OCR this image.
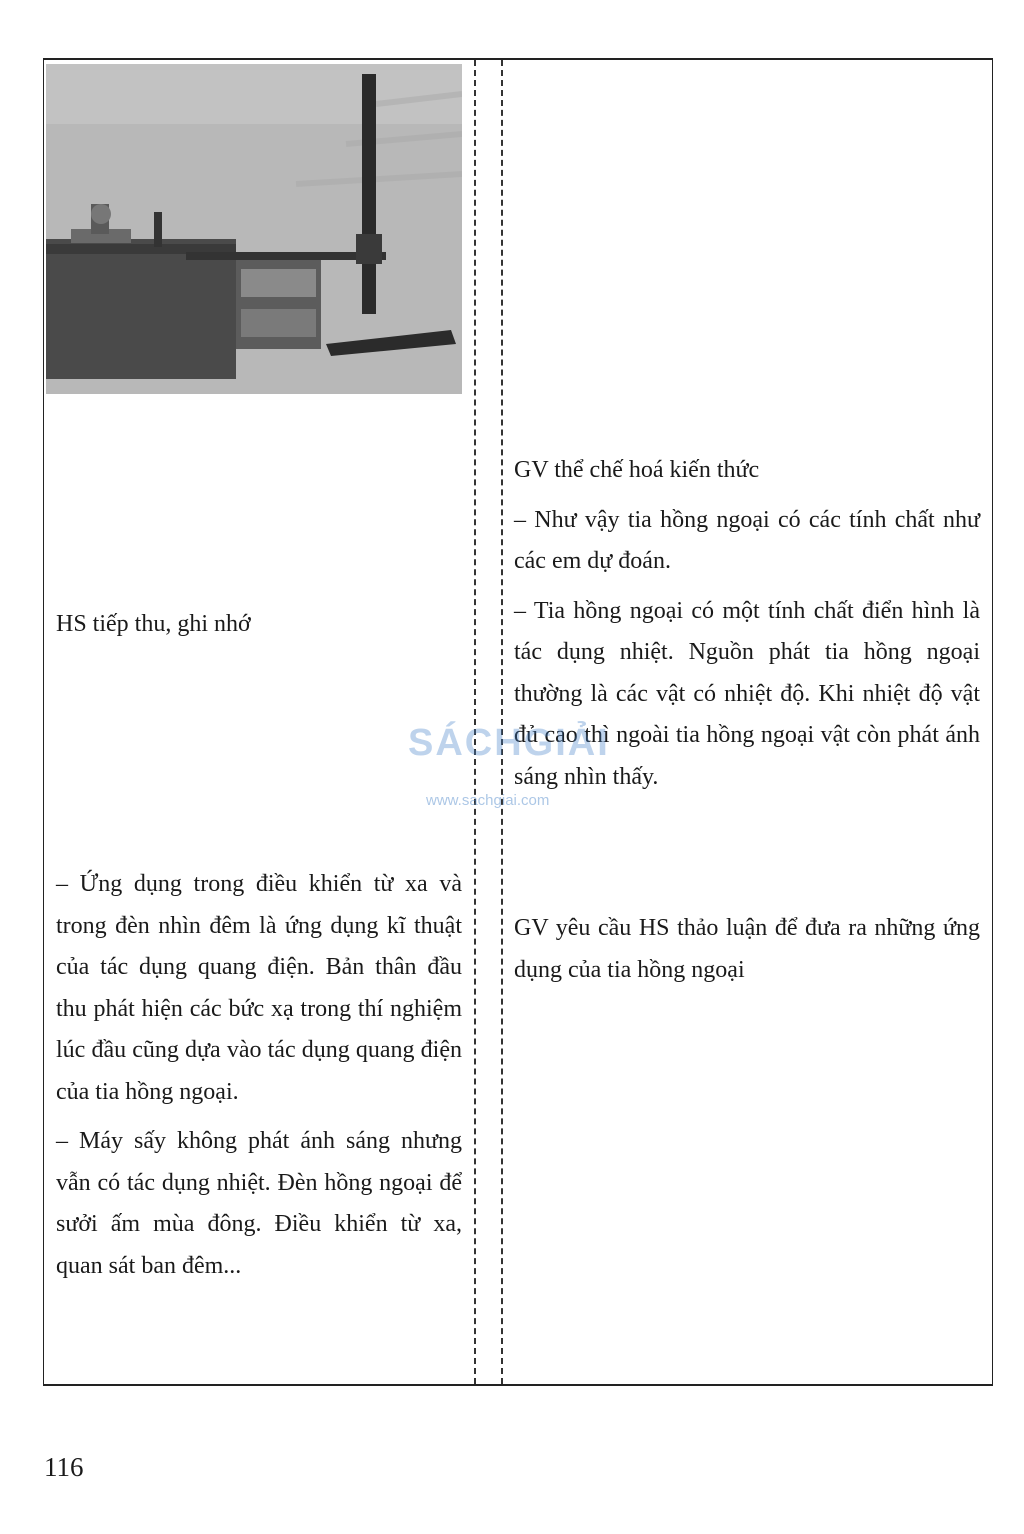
GV thể chế hoá kiến thức

– Như vậy tia hồng ngoại có các tính chất như các em dự đoán.

– Tia hồng ngoại có một tính chất điển hình là tác dụng nhiệt. Nguồn phát tia hồng ngoại thường là các vật có nhiệt độ. Khi nhiệt độ vật đủ cao thì ngoài tia hồng ngoại vật còn phát ánh sáng nhìn thấy.

HS tiếp thu, ghi nhớ
GV yêu cầu HS thảo luận để đưa ra những ứng dụng của tia hồng ngoại

– Ứng dụng trong điều khiển từ xa và trong đèn nhìn đêm là ứng dụng kĩ thuật của tác dụng quang điện. Bản thân đầu thu phát hiện các bức xạ trong thí nghiệm lúc đầu cũng dựa vào tác dụng quang điện của tia hồng ngoại.

– Máy sấy không phát ánh sáng nhưng vẫn có tác dụng nhiệt. Đèn hồng ngoại để sưởi ấm mùa đông. Điều khiển từ xa, quan sát ban đêm...

SÁCHGIẢI
www.sachgiai.com
116
